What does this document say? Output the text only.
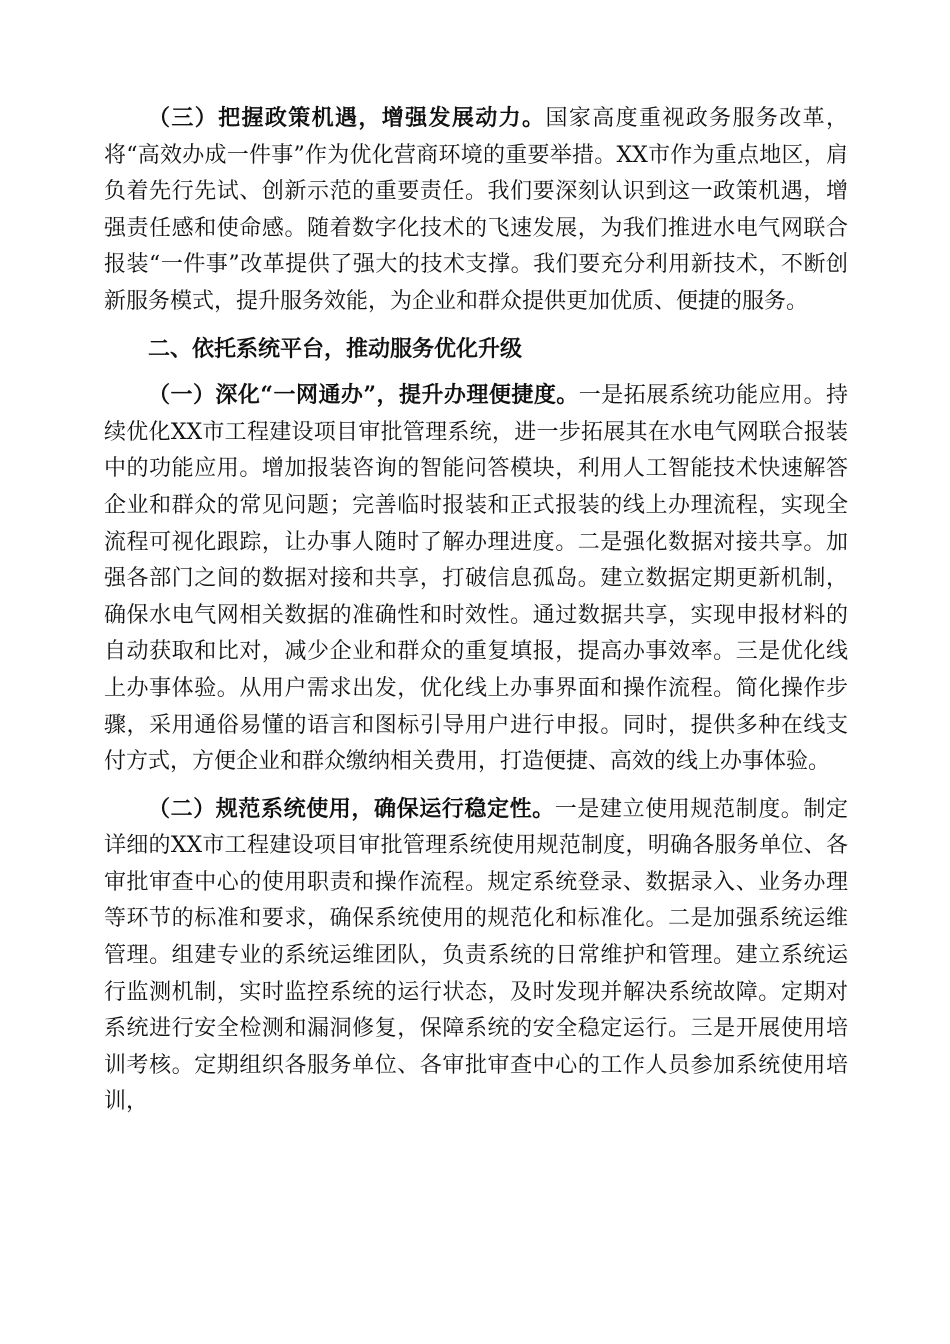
（三）把握政策机遇，增强发展动力。国家高度重视政务服务改革，将“高效办成一件事”作为优化营商环境的重要举措。XX市作为重点地区，肩负着先行先试、创新示范的重要责任。我们要深刻认识到这一政策机遇，增强责任感和使命感。随着数字化技术的飞速发展，为我们推进水电气网联合报装“一件事”改革提供了强大的技术支撑。我们要充分利用新技术，不断创新服务模式，提升服务效能，为企业和群众提供更加优质、便捷的服务。

二、依托系统平台，推动服务优化升级

（一）深化“一网通办”，提升办理便捷度。一是拓展系统功能应用。持续优化XX市工程建设项目审批管理系统，进一步拓展其在水电气网联合报装中的功能应用。增加报装咨询的智能问答模块，利用人工智能技术快速解答企业和群众的常见问题；完善临时报装和正式报装的线上办理流程，实现全流程可视化跟踪，让办事人随时了解办理进度。二是强化数据对接共享。加强各部门之间的数据对接和共享，打破信息孤岛。建立数据定期更新机制，确保水电气网相关数据的准确性和时效性。通过数据共享，实现申报材料的自动获取和比对，减少企业和群众的重复填报，提高办事效率。三是优化线上办事体验。从用户需求出发，优化线上办事界面和操作流程。简化操作步骤，采用通俗易懂的语言和图标引导用户进行申报。同时，提供多种在线支付方式，方便企业和群众缴纳相关费用，打造便捷、高效的线上办事体验。

（二）规范系统使用，确保运行稳定性。一是建立使用规范制度。制定详细的XX市工程建设项目审批管理系统使用规范制度，明确各服务单位、各审批审查中心的使用职责和操作流程。规定系统登录、数据录入、业务办理等环节的标准和要求，确保系统使用的规范化和标准化。二是加强系统运维管理。组建专业的系统运维团队，负责系统的日常维护和管理。建立系统运行监测机制，实时监控系统的运行状态，及时发现并解决系统故障。定期对系统进行安全检测和漏洞修复，保障系统的安全稳定运行。三是开展使用培训考核。定期组织各服务单位、各审批审查中心的工作人员参加系统使用培训，
